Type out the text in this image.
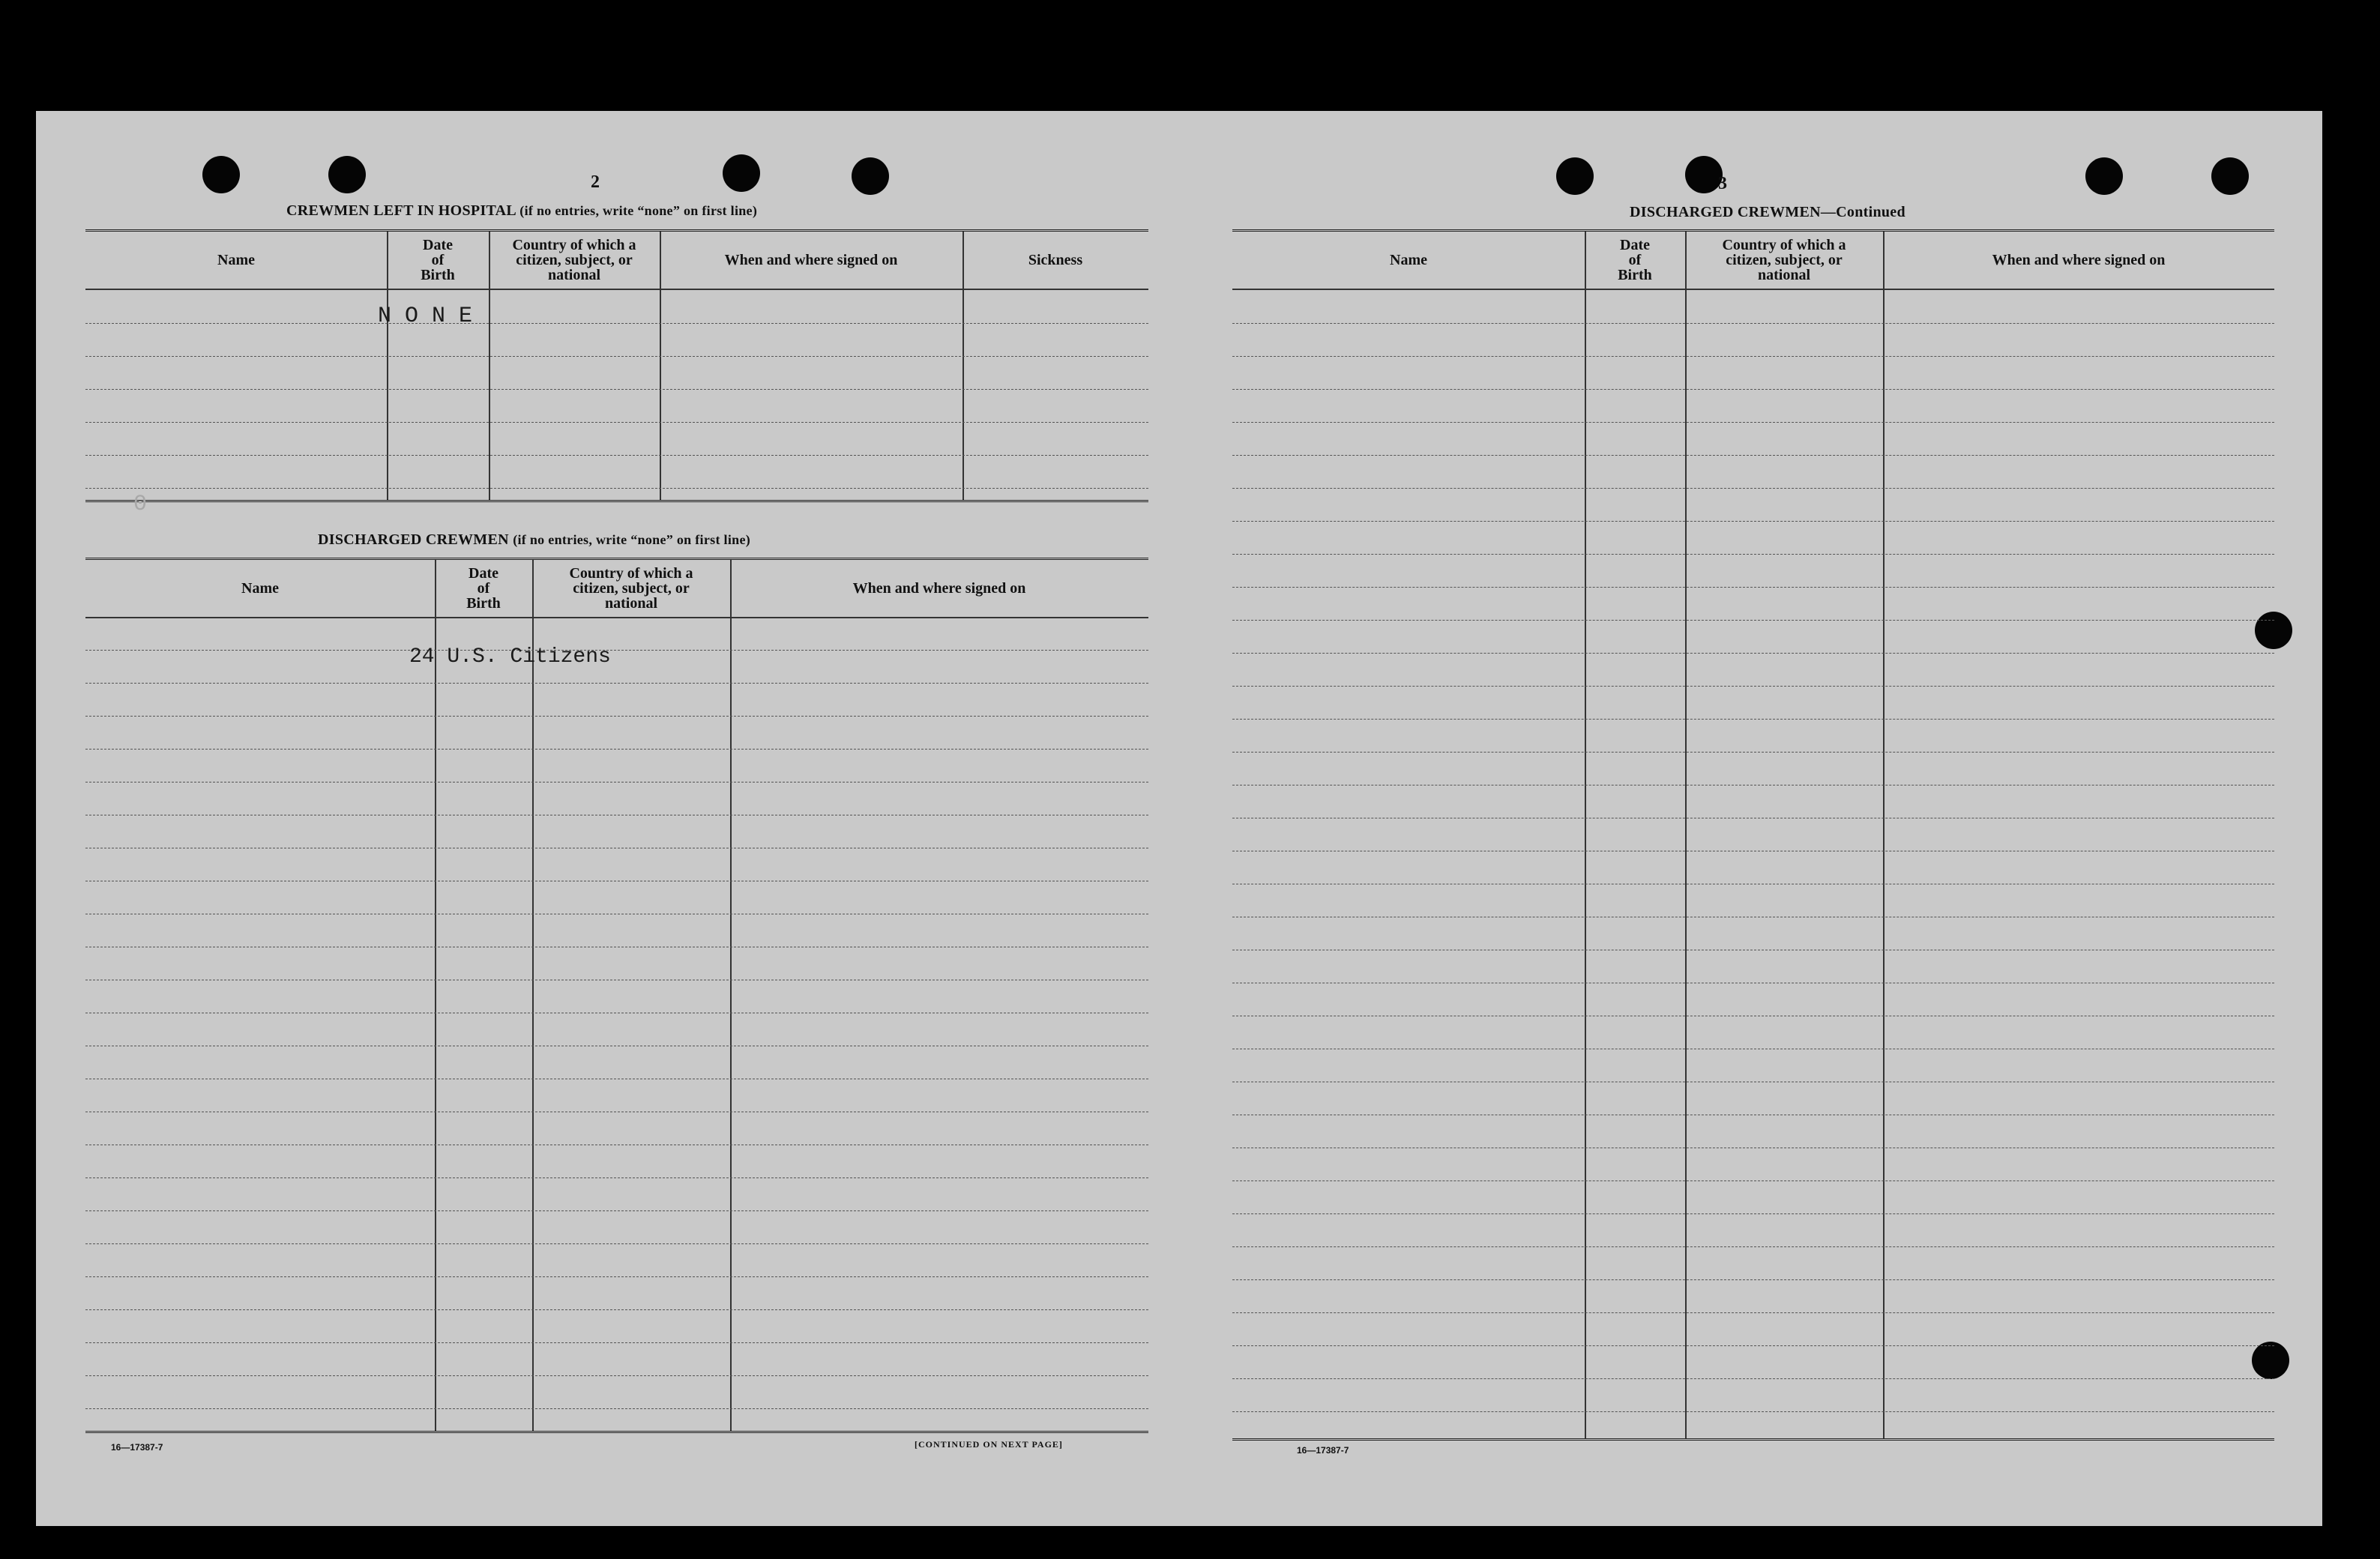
2
CREWMEN LEFT IN HOSPITAL (if no entries, write “none” on first line)
Name
Date
of
Birth
Country of which a
citizen, subject, or
national
When and where signed on	Sickness
N O N E
0
DISCHARGED CREWMEN (if no entries, write “none” on first line)
Name
Date
of
Birth
Country of which a
citizen, subject, or
national
When and where signed on
24 U.S. Citizens
16—17387-7	[CONTINUED ON NEXT PAGE]
3
DISCHARGED CREWMEN—Continued
Name
Date
of
Birth
Country of which a
citizen, subject, or
national
When and where signed on
16—17387-7
